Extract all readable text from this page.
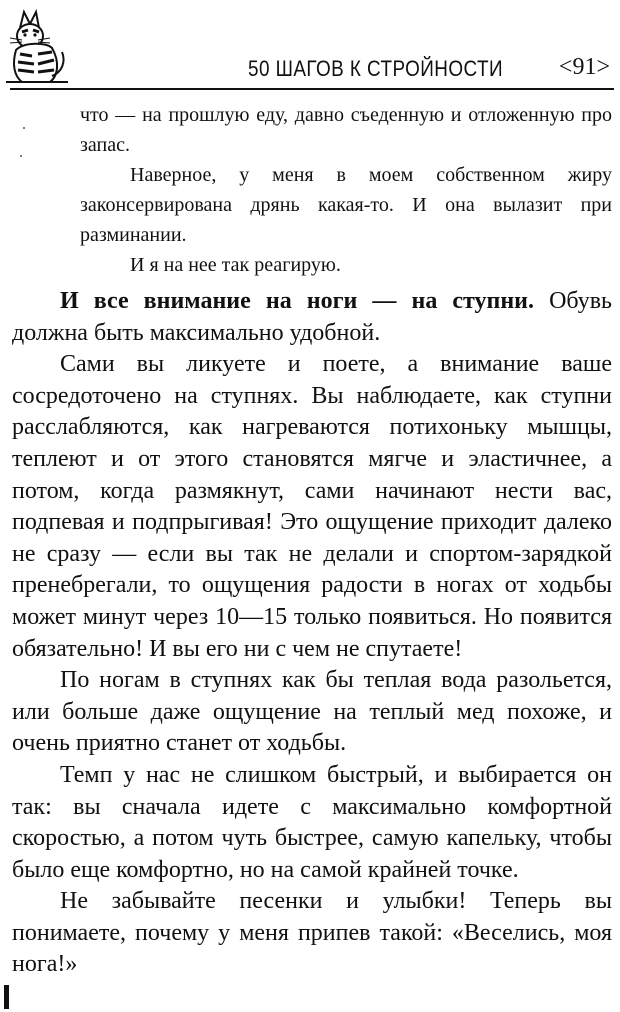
50 ШАГОВ К СТРОЙНОСТИ <91>

что — на прошлую еду, давно съеденную и отложенную про запас.

Наверное, у меня в моем собственном жиру законсервирована дрянь какая-то. И она вылазит при разминании.

И я на нее так реагирую.

И все внимание на ноги — на ступни. Обувь должна быть максимально удобной.

Сами вы ликуете и поете, а внимание ваше сосредоточено на ступнях. Вы наблюдаете, как ступни расслабляются, как нагреваются потихоньку мышцы, теплеют и от этого становятся мягче и эластичнее, а потом, когда размякнут, сами начинают нести вас, подпевая и подпрыгивая! Это ощущение приходит далеко не сразу — если вы так не делали и спортом-зарядкой пренебрегали, то ощущения радости в ногах от ходьбы может минут через 10—15 только появиться. Но появится обязательно! И вы его ни с чем не спутаете!

По ногам в ступнях как бы теплая вода разольется, или больше даже ощущение на теплый мед похоже, и очень приятно станет от ходьбы.

Темп у нас не слишком быстрый, и выбирается он так: вы сначала идете с максимально комфортной скоростью, а потом чуть быстрее, самую капельку, чтобы было еще комфортно, но на самой крайней точке.

Не забывайте песенки и улыбки! Теперь вы понимаете, почему у меня припев такой: «Веселись, моя нога!»
